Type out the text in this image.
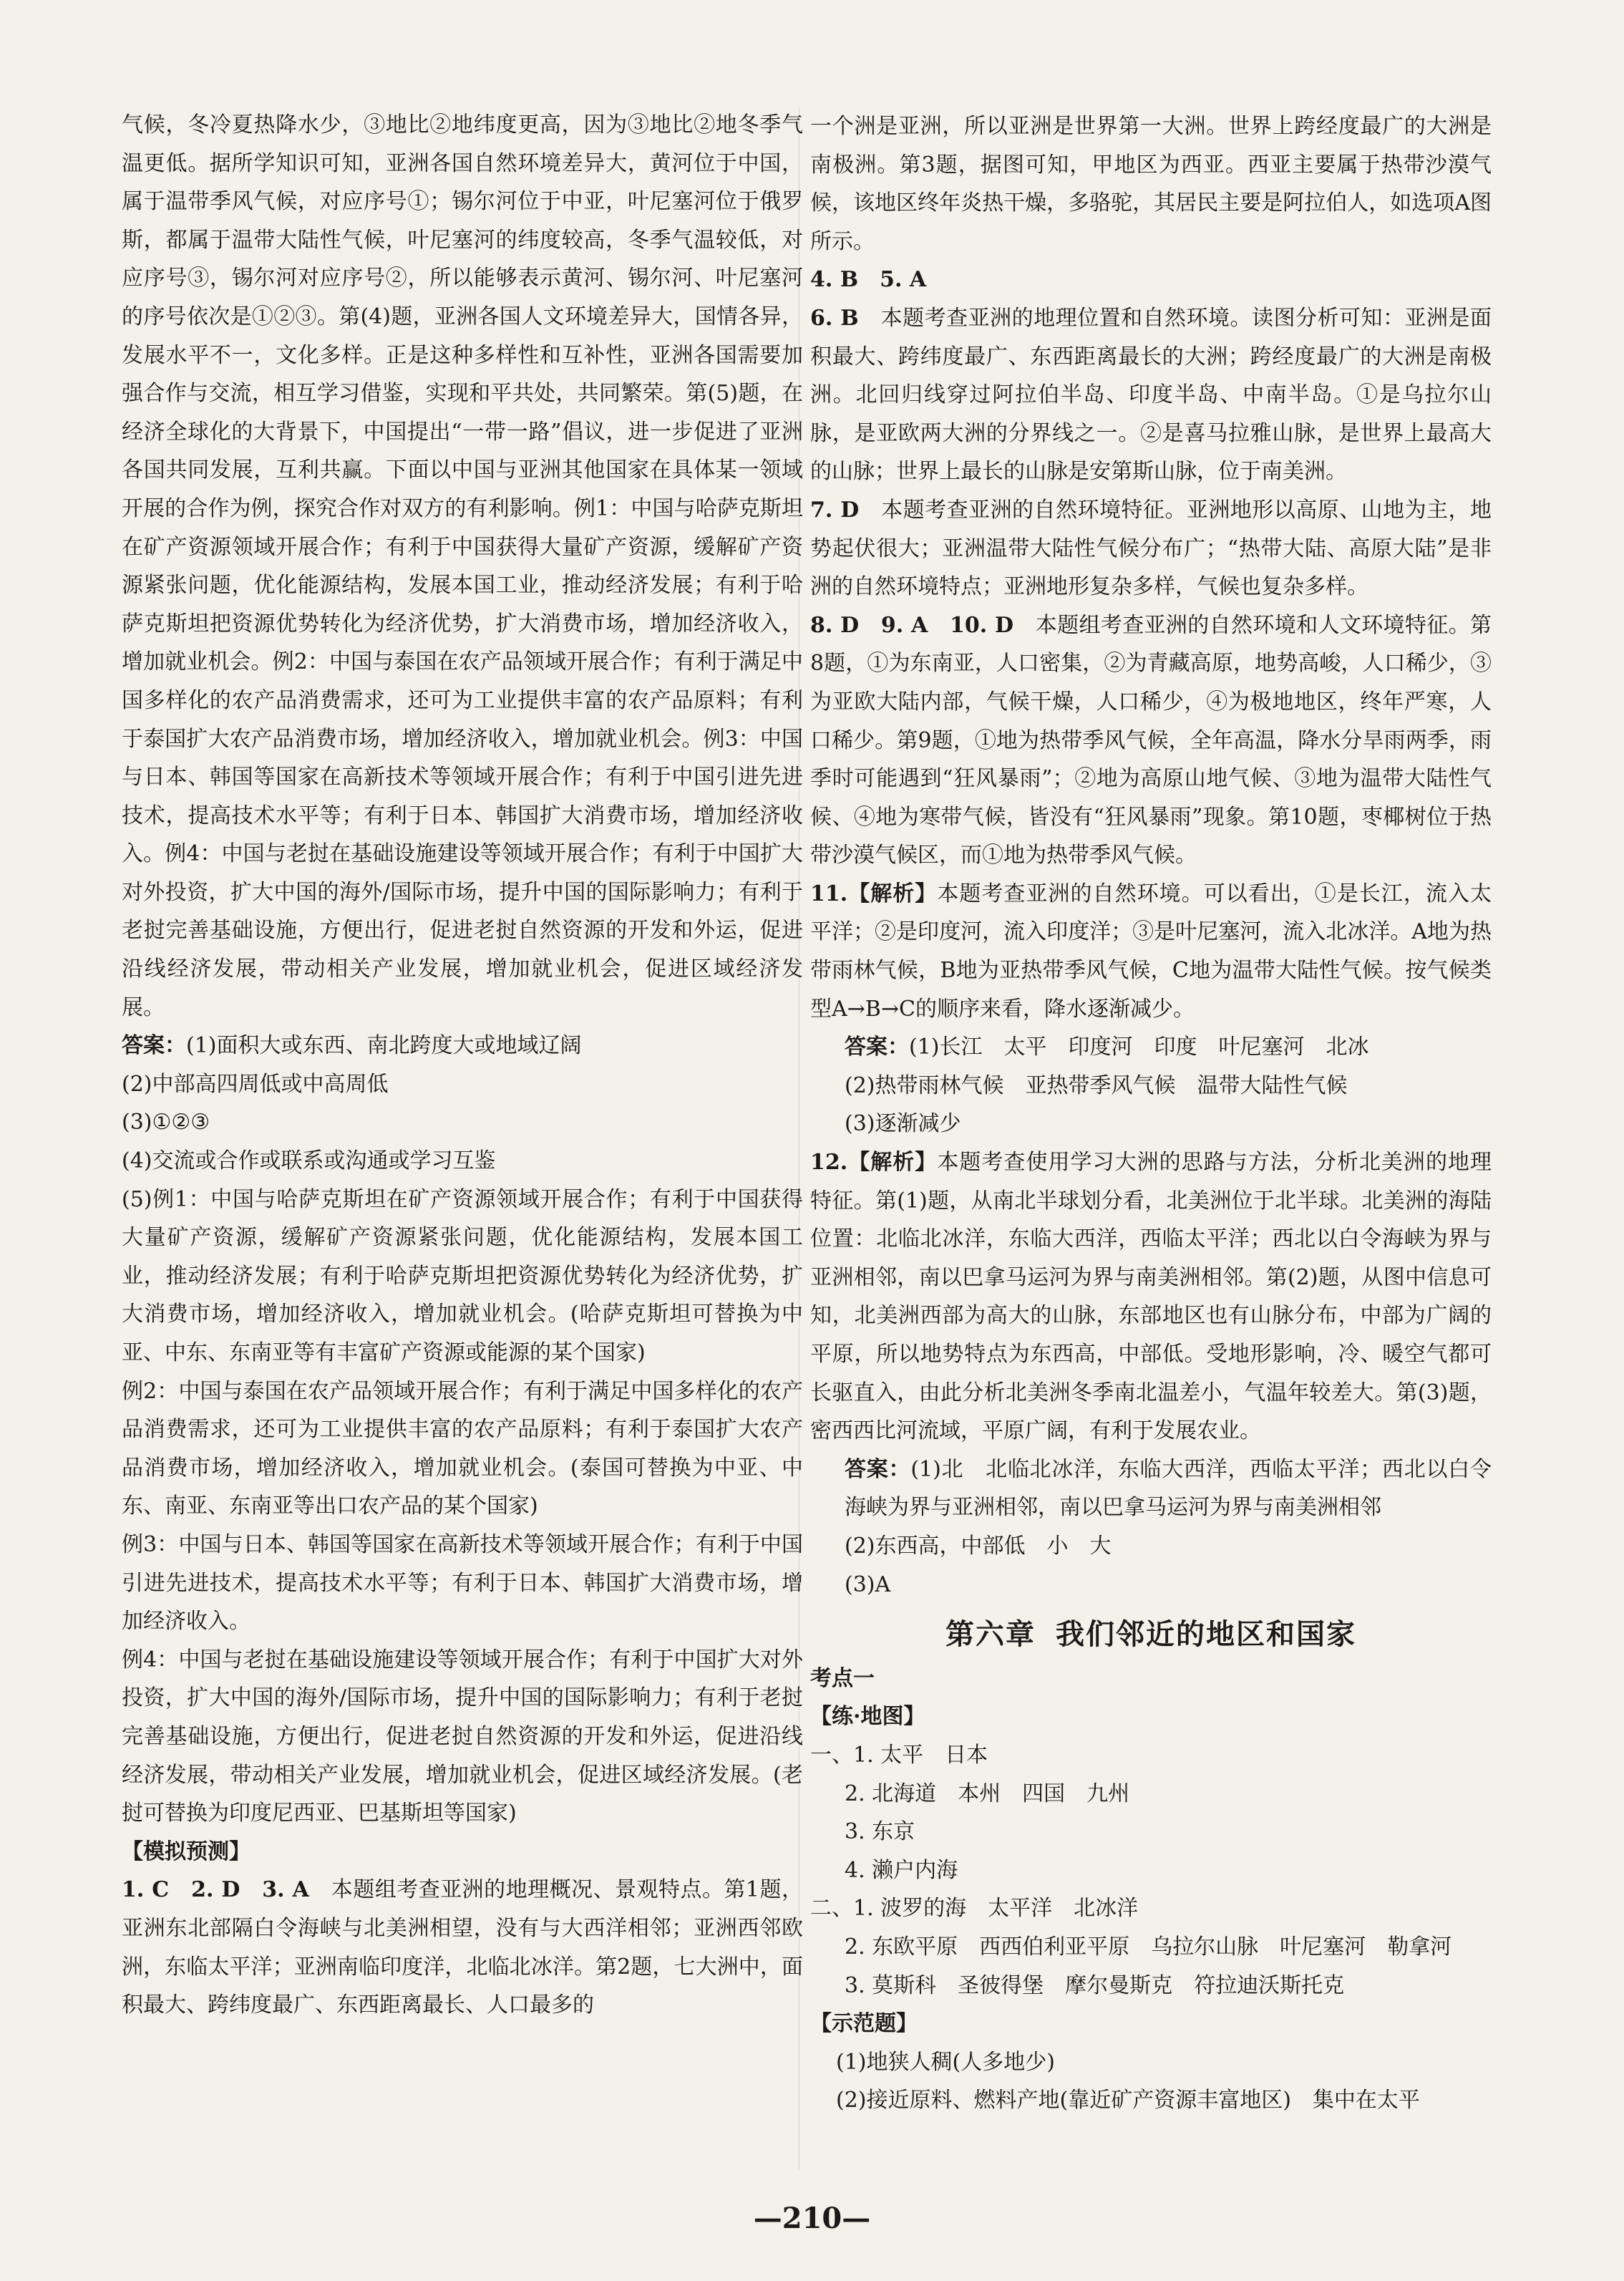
气候，冬冷夏热降水少，③地比②地纬度更高，因为③地比②地冬季气温更低。据所学知识可知，亚洲各国自然环境差异大，黄河位于中国，属于温带季风气候，对应序号①；锡尔河位于中亚，叶尼塞河位于俄罗斯，都属于温带大陆性气候，叶尼塞河的纬度较高，冬季气温较低，对应序号③，锡尔河对应序号②，所以能够表示黄河、锡尔河、叶尼塞河的序号依次是①②③。第(4)题，亚洲各国人文环境差异大，国情各异，发展水平不一，文化多样。正是这种多样性和互补性，亚洲各国需要加强合作与交流，相互学习借鉴，实现和平共处，共同繁荣。第(5)题，在经济全球化的大背景下，中国提出“一带一路”倡议，进一步促进了亚洲各国共同发展，互利共赢。下面以中国与亚洲其他国家在具体某一领域开展的合作为例，探究合作对双方的有利影响。例1：中国与哈萨克斯坦在矿产资源领域开展合作；有利于中国获得大量矿产资源，缓解矿产资源紧张问题，优化能源结构，发展本国工业，推动经济发展；有利于哈萨克斯坦把资源优势转化为经济优势，扩大消费市场，增加经济收入，增加就业机会。例2：中国与泰国在农产品领域开展合作；有利于满足中国多样化的农产品消费需求，还可为工业提供丰富的农产品原料；有利于泰国扩大农产品消费市场，增加经济收入，增加就业机会。例3：中国与日本、韩国等国家在高新技术等领域开展合作；有利于中国引进先进技术，提高技术水平等；有利于日本、韩国扩大消费市场，增加经济收入。例4：中国与老挝在基础设施建设等领域开展合作；有利于中国扩大对外投资，扩大中国的海外/国际市场，提升中国的国际影响力；有利于老挝完善基础设施，方便出行，促进老挝自然资源的开发和外运，促进沿线经济发展，带动相关产业发展，增加就业机会，促进区域经济发展。

答案：(1)面积大或东西、南北跨度大或地域辽阔

(2)中部高四周低或中高周低

(3)①②③

(4)交流或合作或联系或沟通或学习互鉴

(5)例1：中国与哈萨克斯坦在矿产资源领域开展合作；有利于中国获得大量矿产资源，缓解矿产资源紧张问题，优化能源结构，发展本国工业，推动经济发展；有利于哈萨克斯坦把资源优势转化为经济优势，扩大消费市场，增加经济收入，增加就业机会。(哈萨克斯坦可替换为中亚、中东、东南亚等有丰富矿产资源或能源的某个国家)

例2：中国与泰国在农产品领域开展合作；有利于满足中国多样化的农产品消费需求，还可为工业提供丰富的农产品原料；有利于泰国扩大农产品消费市场，增加经济收入，增加就业机会。(泰国可替换为中亚、中东、南亚、东南亚等出口农产品的某个国家)

例3：中国与日本、韩国等国家在高新技术等领域开展合作；有利于中国引进先进技术，提高技术水平等；有利于日本、韩国扩大消费市场，增加经济收入。

例4：中国与老挝在基础设施建设等领域开展合作；有利于中国扩大对外投资，扩大中国的海外/国际市场，提升中国的国际影响力；有利于老挝完善基础设施，方便出行，促进老挝自然资源的开发和外运，促进沿线经济发展，带动相关产业发展，增加就业机会，促进区域经济发展。(老挝可替换为印度尼西亚、巴基斯坦等国家)

【模拟预测】

1. C　2. D　3. A　本题组考查亚洲的地理概况、景观特点。第1题，亚洲东北部隔白令海峡与北美洲相望，没有与大西洋相邻；亚洲西邻欧洲，东临太平洋；亚洲南临印度洋，北临北冰洋。第2题，七大洲中，面积最大、跨纬度最广、东西距离最长、人口最多的

一个洲是亚洲，所以亚洲是世界第一大洲。世界上跨经度最广的大洲是南极洲。第3题，据图可知，甲地区为西亚。西亚主要属于热带沙漠气候，该地区终年炎热干燥，多骆驼，其居民主要是阿拉伯人，如选项A图所示。

4. B　5. A

6. B　本题考查亚洲的地理位置和自然环境。读图分析可知：亚洲是面积最大、跨纬度最广、东西距离最长的大洲；跨经度最广的大洲是南极洲。北回归线穿过阿拉伯半岛、印度半岛、中南半岛。①是乌拉尔山脉，是亚欧两大洲的分界线之一。②是喜马拉雅山脉，是世界上最高大的山脉；世界上最长的山脉是安第斯山脉，位于南美洲。

7. D　本题考查亚洲的自然环境特征。亚洲地形以高原、山地为主，地势起伏很大；亚洲温带大陆性气候分布广；“热带大陆、高原大陆”是非洲的自然环境特点；亚洲地形复杂多样，气候也复杂多样。

8. D　9. A　10. D　本题组考查亚洲的自然环境和人文环境特征。第8题，①为东南亚，人口密集，②为青藏高原，地势高峻，人口稀少，③为亚欧大陆内部，气候干燥，人口稀少，④为极地地区，终年严寒，人口稀少。第9题，①地为热带季风气候，全年高温，降水分旱雨两季，雨季时可能遇到“狂风暴雨”；②地为高原山地气候、③地为温带大陆性气候、④地为寒带气候，皆没有“狂风暴雨”现象。第10题，枣椰树位于热带沙漠气候区，而①地为热带季风气候。

11.【解析】本题考查亚洲的自然环境。可以看出，①是长江，流入太平洋；②是印度河，流入印度洋；③是叶尼塞河，流入北冰洋。A地为热带雨林气候，B地为亚热带季风气候，C地为温带大陆性气候。按气候类型A→B→C的顺序来看，降水逐渐减少。

答案：(1)长江　太平　印度河　印度　叶尼塞河　北冰

(2)热带雨林气候　亚热带季风气候　温带大陆性气候

(3)逐渐减少

12.【解析】本题考查使用学习大洲的思路与方法，分析北美洲的地理特征。第(1)题，从南北半球划分看，北美洲位于北半球。北美洲的海陆位置：北临北冰洋，东临大西洋，西临太平洋；西北以白令海峡为界与亚洲相邻，南以巴拿马运河为界与南美洲相邻。第(2)题，从图中信息可知，北美洲西部为高大的山脉，东部地区也有山脉分布，中部为广阔的平原，所以地势特点为东西高，中部低。受地形影响，冷、暖空气都可长驱直入，由此分析北美洲冬季南北温差小，气温年较差大。第(3)题，密西西比河流域，平原广阔，有利于发展农业。

答案：(1)北　北临北冰洋，东临大西洋，西临太平洋；西北以白令海峡为界与亚洲相邻，南以巴拿马运河为界与南美洲相邻

(2)东西高，中部低　小　大

(3)A

第六章 我们邻近的地区和国家

考点一

【练·地图】

一、1. 太平　日本

2. 北海道　本州　四国　九州

3. 东京

4. 濑户内海

二、1. 波罗的海　太平洋　北冰洋

2. 东欧平原　西西伯利亚平原　乌拉尔山脉　叶尼塞河　勒拿河

3. 莫斯科　圣彼得堡　摩尔曼斯克　符拉迪沃斯托克

【示范题】

(1)地狭人稠(人多地少)

(2)接近原料、燃料产地(靠近矿产资源丰富地区)　集中在太平

—210—
